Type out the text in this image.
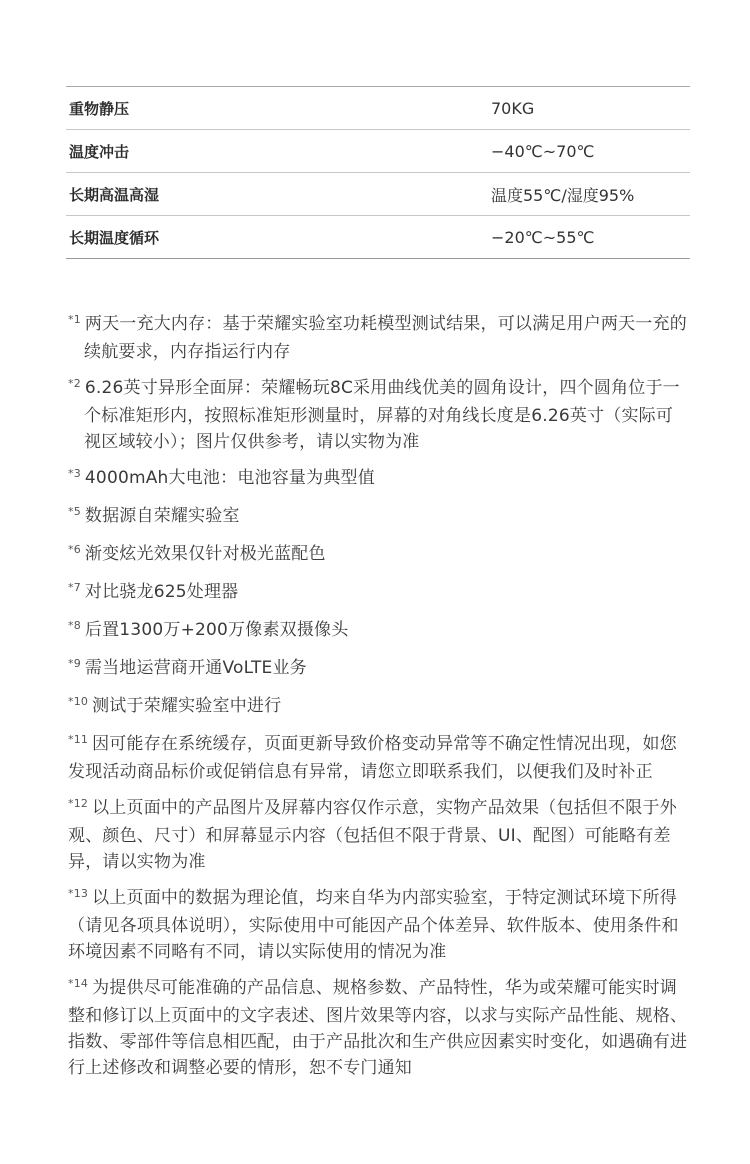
重物静压	70KG
温度冲击	−40℃~70℃
长期高温高湿	温度55℃/湿度95%
长期温度循环	−20℃~55℃
$^{*1}$ 两天一充大内存：基于荣耀实验室功耗模型测试结果，可以满足用户两天一充的续航要求，内存指运行内存
$^{*2}$ 6.26英寸异形全面屏：荣耀畅玩8C采用曲线优美的圆角设计，四个圆角位于一个标准矩形内，按照标准矩形测量时，屏幕的对角线长度是6.26英寸（实际可视区域较小）；图片仅供参考，请以实物为准
$^{*3}$ 4000mAh大电池：电池容量为典型值
$^{*5}$ 数据源自荣耀实验室
$^{*6}$ 渐变炫光效果仅针对极光蓝配色
$^{*7}$ 对比骁龙625处理器
$^{*8}$ 后置1300万+200万像素双摄像头
$^{*9}$ 需当地运营商开通VoLTE业务
$^{*10}$ 测试于荣耀实验室中进行
$^{*11}$ 因可能存在系统缓存，页面更新导致价格变动异常等不确定性情况出现，如您发现活动商品标价或促销信息有异常，请您立即联系我们，以便我们及时补正
$^{*12}$ 以上页面中的产品图片及屏幕内容仅作示意，实物产品效果（包括但不限于外观、颜色、尺寸）和屏幕显示内容（包括但不限于背景、UI、配图）可能略有差异，请以实物为准
$^{*13}$ 以上页面中的数据为理论值，均来自华为内部实验室，于特定测试环境下所得（请见各项具体说明），实际使用中可能因产品个体差异、软件版本、使用条件和环境因素不同略有不同，请以实际使用的情况为准
$^{*14}$ 为提供尽可能准确的产品信息、规格参数、产品特性，华为或荣耀可能实时调整和修订以上页面中的文字表述、图片效果等内容，以求与实际产品性能、规格、指数、零部件等信息相匹配，由于产品批次和生产供应因素实时变化，如遇确有进行上述修改和调整必要的情形，恕不专门通知
